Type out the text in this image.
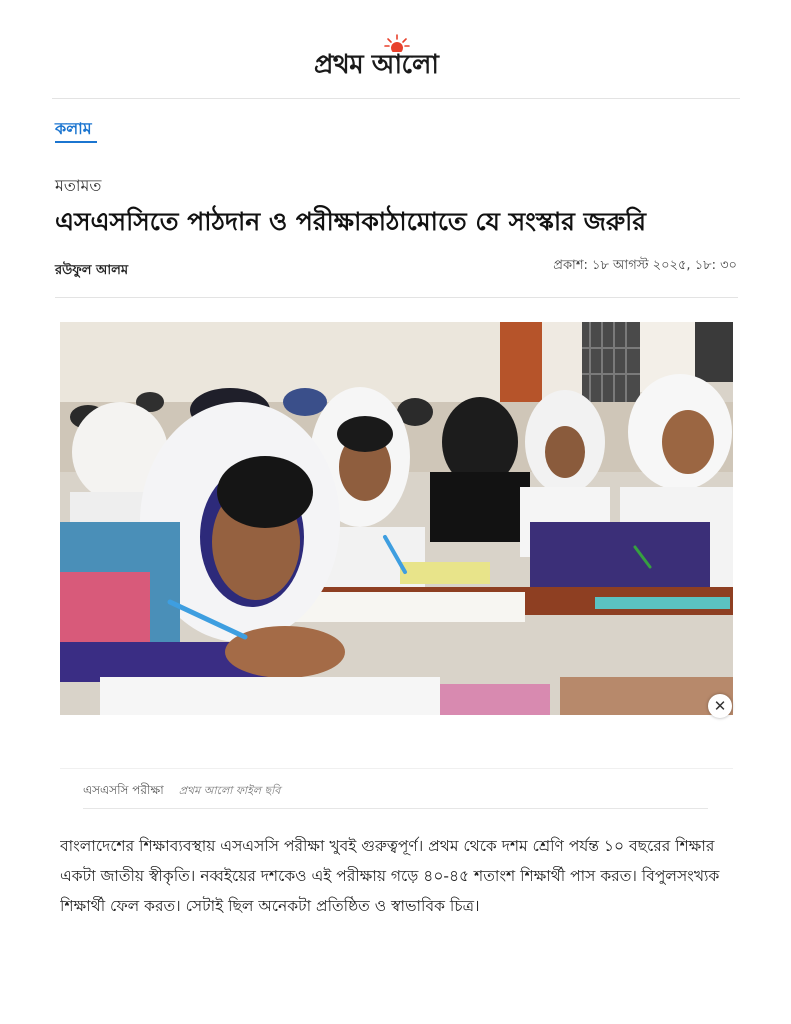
প্রথম আলো
কলাম
মতামত
এসএসসিতে পাঠদান ও পরীক্ষাকাঠামোতে যে সংস্কার জরুরি
রউফুল আলম	প্রকাশ: ১৮ আগস্ট ২০২৫, ১৮: ৩০
✕
এসএসসি পরীক্ষা প্রথম আলো ফাইল ছবি

বাংলাদেশের শিক্ষাব্যবস্থায় এসএসসি পরীক্ষা খুবই গুরুত্বপূর্ণ। প্রথম থেকে দশম শ্রেণি পর্যন্ত ১০ বছরের শিক্ষার

একটা জাতীয় স্বীকৃতি। নব্বইয়ের দশকেও এই পরীক্ষায় গড়ে ৪০-৪৫ শতাংশ শিক্ষার্থী পাস করত। বিপুলসংখ্যক

শিক্ষার্থী ফেল করত। সেটাই ছিল অনেকটা প্রতিষ্ঠিত ও স্বাভাবিক চিত্র।
